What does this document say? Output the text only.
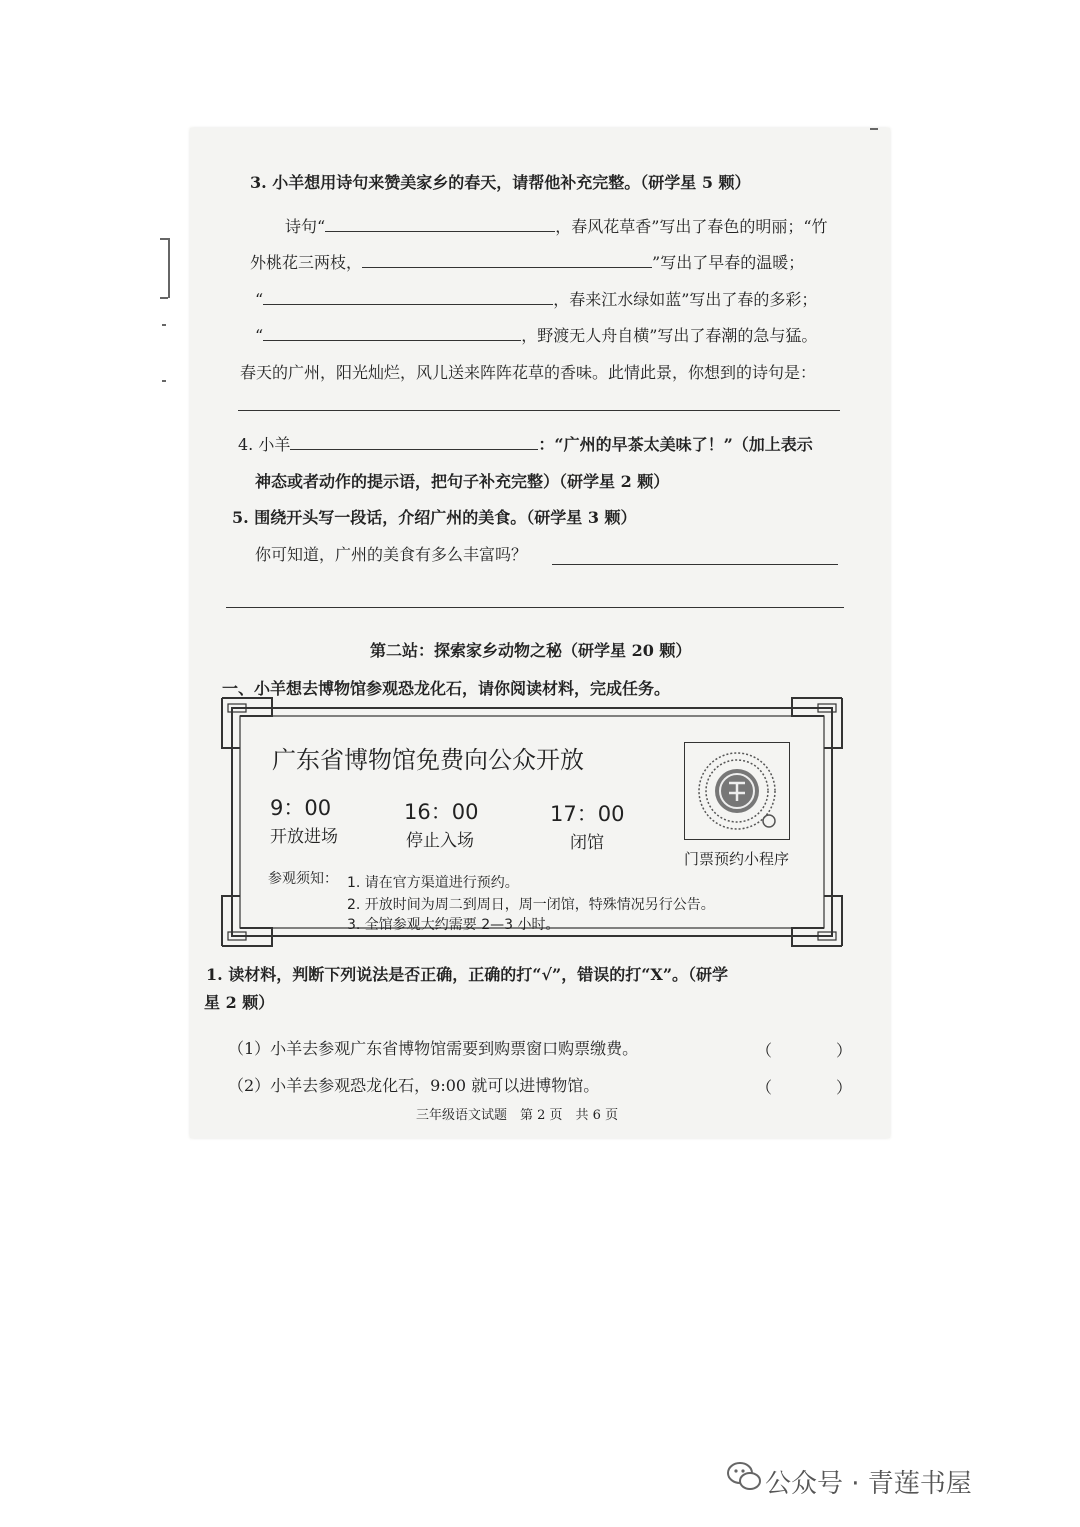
3. 小羊想用诗句来赞美家乡的春天，请帮他补充完整。（研学星 5 颗）
诗句“	，春风花草香”写出了春色的明丽；“竹
外桃花三两枝，	”写出了早春的温暖；
“	，春来江水绿如蓝”写出了春的多彩；
“	，野渡无人舟自横”写出了春潮的急与猛。
春天的广州，阳光灿烂，风儿送来阵阵花草的香味。此情此景，你想到的诗句是：
4. 小羊	：“广州的早茶太美味了！”（加上表示
神态或者动作的提示语，把句子补充完整）（研学星 2 颗）
5. 围绕开头写一段话，介绍广州的美食。（研学星 3 颗）
你可知道，广州的美食有多么丰富吗？
第二站：探索家乡动物之秘（研学星 20 颗）
一、小羊想去博物馆参观恐龙化石，请你阅读材料，完成任务。
广东省博物馆免费向公众开放
9：00
开放进场
16：00
停止入场
17：00
闭馆
门票预约小程序
参观须知： 1. 请在官方渠道进行预约。
2. 开放时间为周二到周日，周一闭馆，特殊情况另行公告。
3. 全馆参观大约需要 2—3 小时。
1. 读材料，判断下列说法是否正确，正确的打“√”，错误的打“X”。（研学
星 2 颗）
（1）小羊去参观广东省博物馆需要到购票窗口购票缴费。	（　　　　）
（2）小羊去参观恐龙化石，9:00 就可以进博物馆。	（　　　　）
三年级语文试题　第 2 页　共 6 页
公众号 · 青莲书屋
